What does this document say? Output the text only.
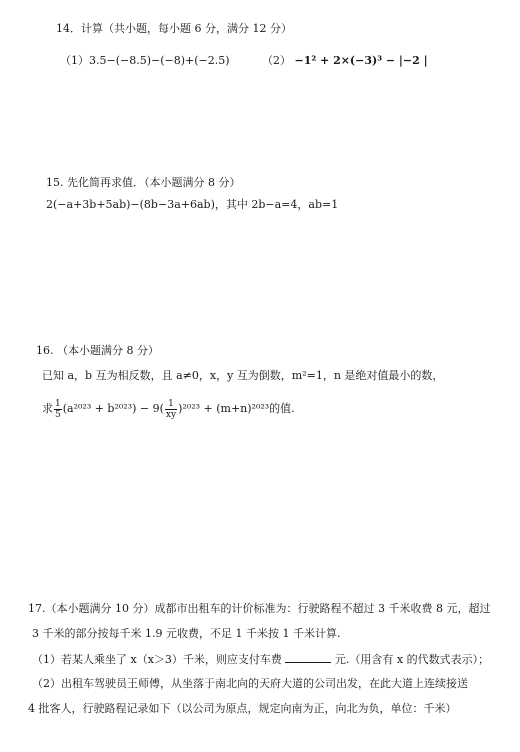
14．计算（共小题，每小题 6 分，满分 12 分）
（1）3.5−(−8.5)−(−8)+(−2.5)	（2） −1² + 2×(−3)³ − |−2 |
15. 先化简再求值．（本小题满分 8 分）
2(−a+3b+5ab)−(8b−3a+6ab)，其中 2b−a=4，ab=1
16. （本小题满分 8 分）
已知 a，b 互为相反数，且 a≠0，x，y 互为倒数，m²=1，n 是绝对值最小的数，
求 $\frac{1}{5} (a^{2023} + b^{2023}) - 9( \frac{1}{xy} )^{2023} + (m+n)^{2023}$的值.
17.（本小题满分 10 分）成都市出租车的计价标准为：行驶路程不超过 3 千米收费 8 元，超过
3 千米的部分按每千米 1.9 元收费，不足 1 千米按 1 千米计算.
（1）若某人乘坐了 x（x＞3）千米，则应支付车费	元.（用含有 x 的代数式表示）；
（2）出租车驾驶员王师傅，从坐落于南北向的天府大道的公司出发，在此大道上连续接送
4 批客人，行驶路程记录如下（以公司为原点，规定向南为正，向北为负，单位：千米）
